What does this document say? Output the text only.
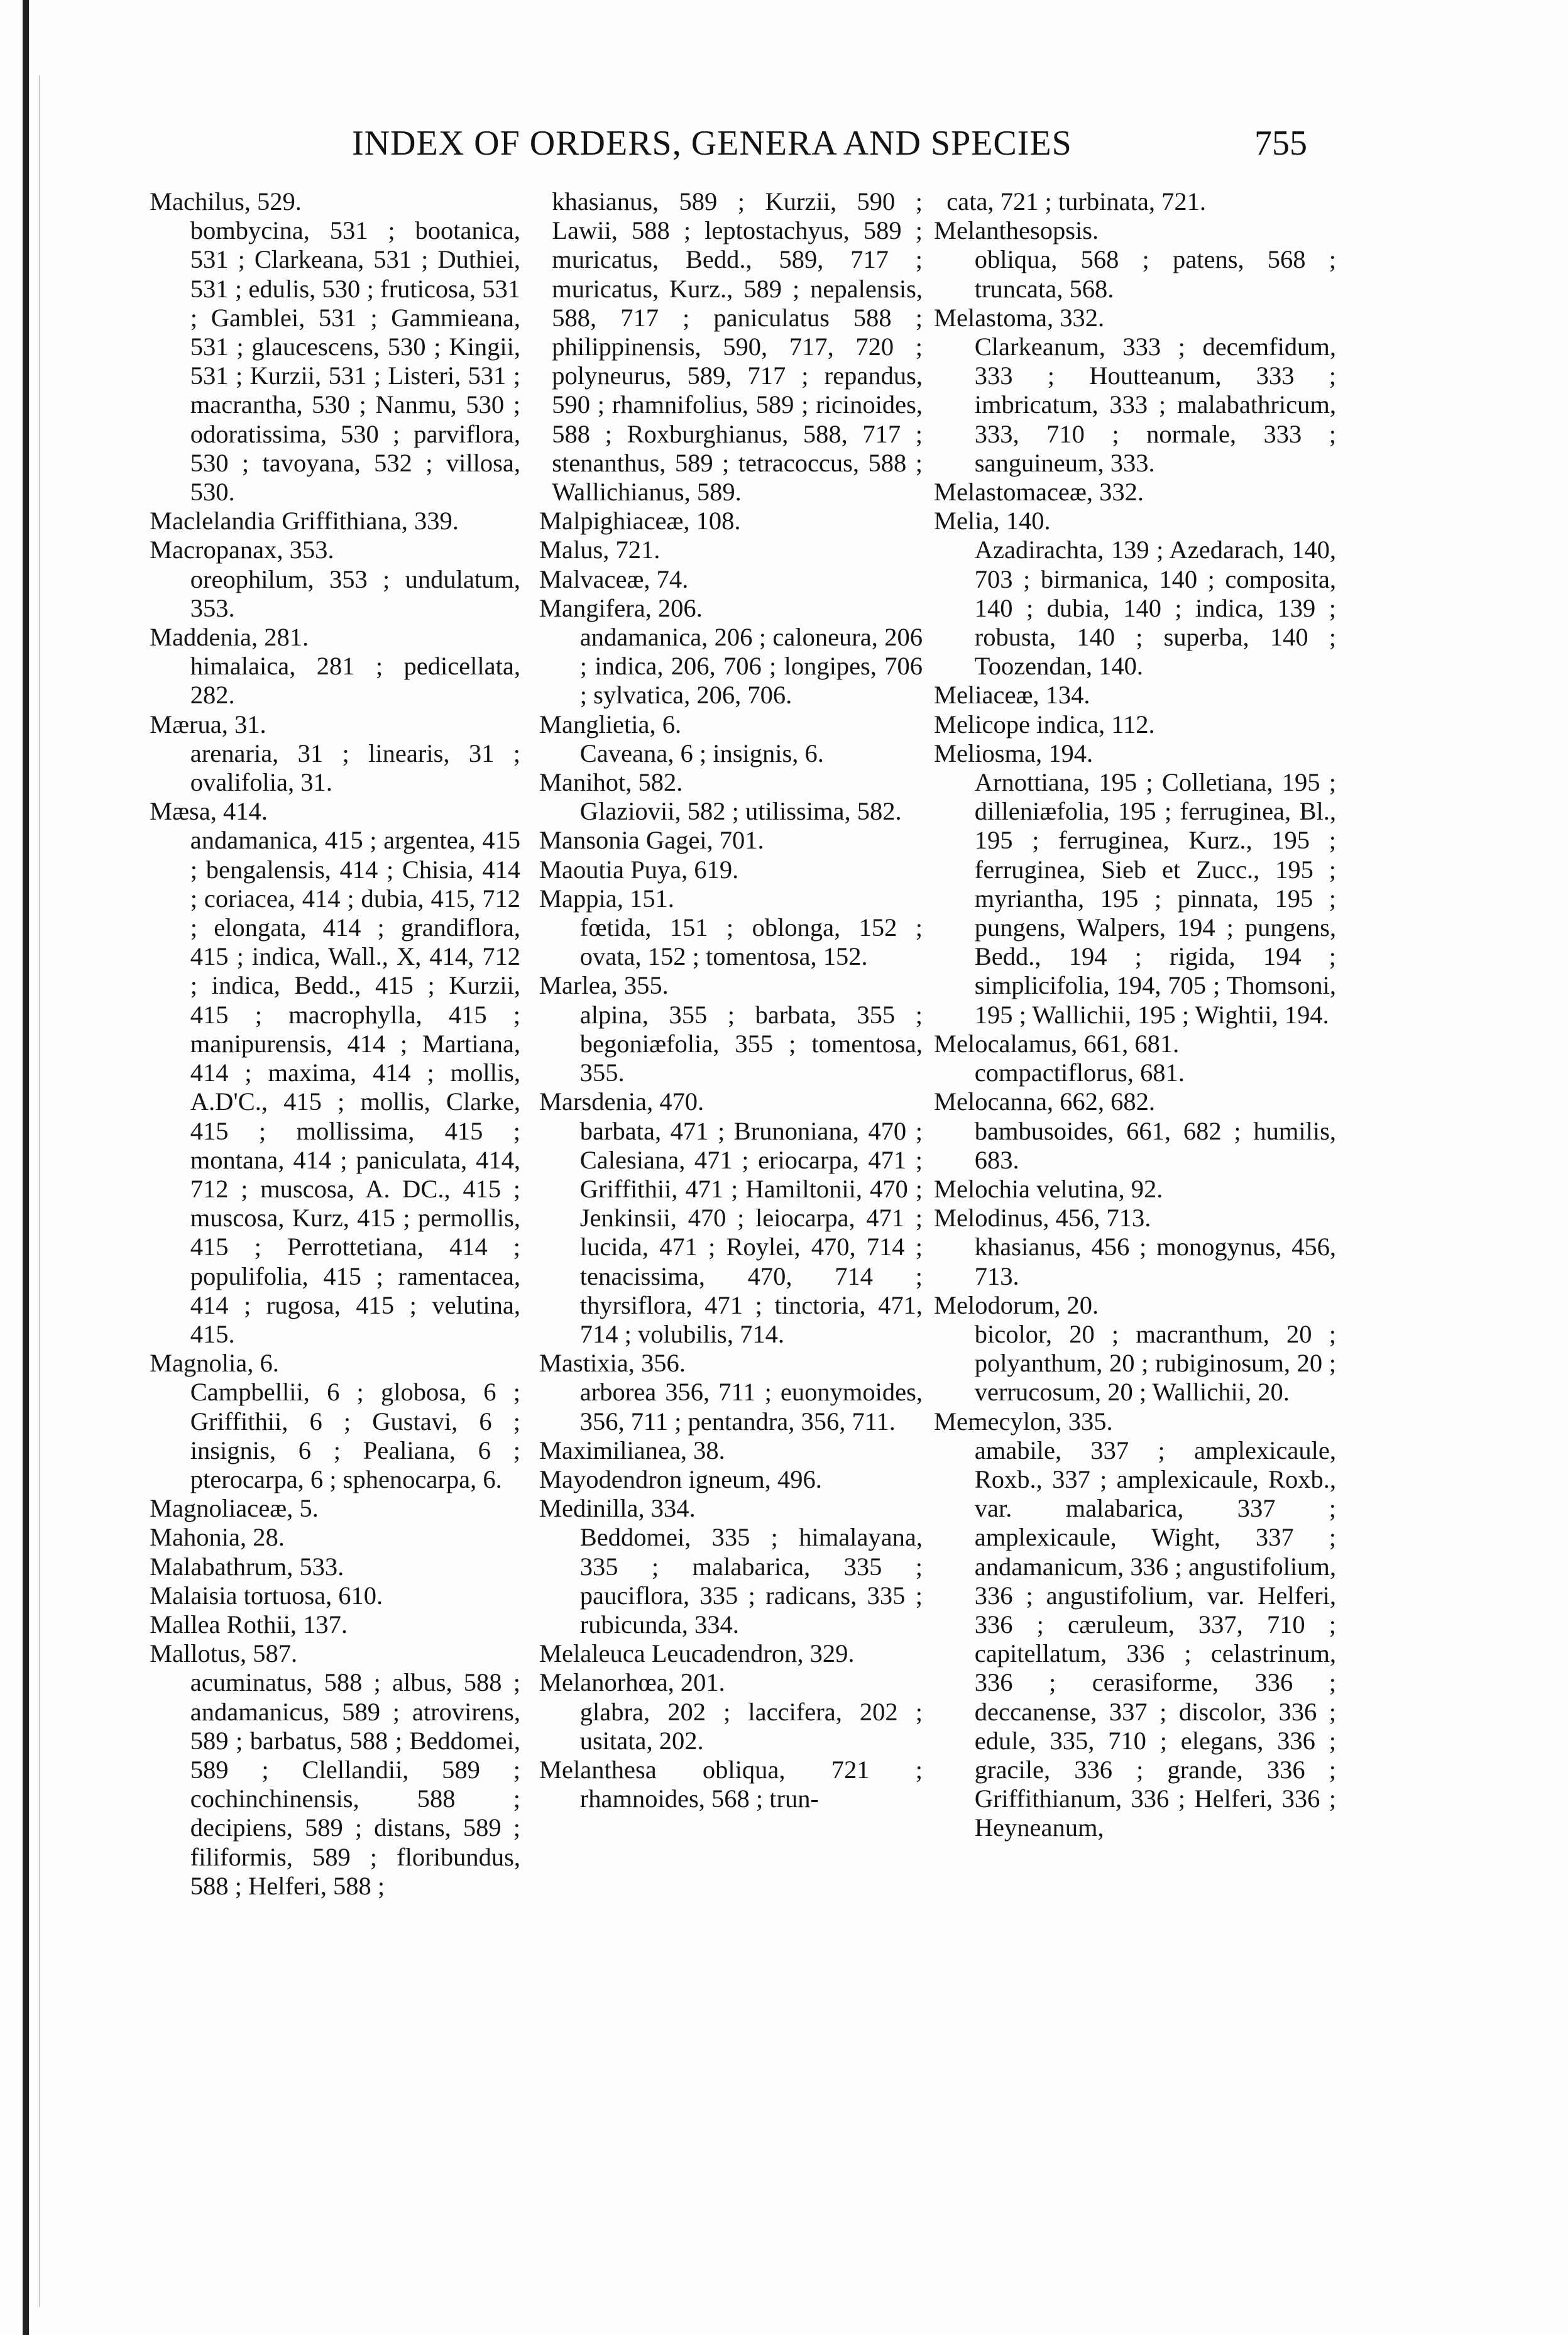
INDEX OF ORDERS, GENERA AND SPECIES	755
Machilus, 529.
bombycina, 531 ; bootanica, 531 ; Clarkeana, 531 ; Duthiei, 531 ; edulis, 530 ; fruticosa, 531 ; Gamblei, 531 ; Gammieana, 531 ; glaucescens, 530 ; Kingii, 531 ; Kurzii, 531 ; Listeri, 531 ; macrantha, 530 ; Nanmu, 530 ; odoratissima, 530 ; parviflora, 530 ; tavoyana, 532 ; villosa, 530.
Maclelandia Griffithiana, 339.
Macropanax, 353.
oreophilum, 353 ; undulatum, 353.
Maddenia, 281.
himalaica, 281 ; pedicellata, 282.
Mærua, 31.
arenaria, 31 ; linearis, 31 ; ovalifolia, 31.
Mæsa, 414.
andamanica, 415 ; argentea, 415 ; bengalensis, 414 ; Chisia, 414 ; coriacea, 414 ; dubia, 415, 712 ; elongata, 414 ; grandiflora, 415 ; indica, Wall., X, 414, 712 ; indica, Bedd., 415 ; Kurzii, 415 ; macrophylla, 415 ; manipurensis, 414 ; Martiana, 414 ; maxima, 414 ; mollis, A.D'C., 415 ; mollis, Clarke, 415 ; mollissima, 415 ; montana, 414 ; paniculata, 414, 712 ; muscosa, A. DC., 415 ; muscosa, Kurz, 415 ; permollis, 415 ; Perrottetiana, 414 ; populifolia, 415 ; ramentacea, 414 ; rugosa, 415 ; velutina, 415.
Magnolia, 6.
Campbellii, 6 ; globosa, 6 ; Griffithii, 6 ; Gustavi, 6 ; insignis, 6 ; Pealiana, 6 ; pterocarpa, 6 ; sphenocarpa, 6.
Magnoliaceæ, 5.
Mahonia, 28.
Malabathrum, 533.
Malaisia tortuosa, 610.
Mallea Rothii, 137.
Mallotus, 587.
acuminatus, 588 ; albus, 588 ; andamanicus, 589 ; atrovirens, 589 ; barbatus, 588 ; Beddomei, 589 ; Clellandii, 589 ; cochinchinensis, 588 ; decipiens, 589 ; distans, 589 ; filiformis, 589 ; floribundus, 588 ; Helferi, 588 ;
khasianus, 589 ; Kurzii, 590 ; Lawii, 588 ; leptostachyus, 589 ; muricatus, Bedd., 589, 717 ; muricatus, Kurz., 589 ; nepalensis, 588, 717 ; paniculatus 588 ; philippinensis, 590, 717, 720 ; polyneurus, 589, 717 ; repandus, 590 ; rhamnifolius, 589 ; ricinoides, 588 ; Roxburghianus, 588, 717 ; stenanthus, 589 ; tetracoccus, 588 ; Wallichianus, 589.
Malpighiaceæ, 108.
Malus, 721.
Malvaceæ, 74.
Mangifera, 206.
andamanica, 206 ; caloneura, 206 ; indica, 206, 706 ; longipes, 706 ; sylvatica, 206, 706.
Manglietia, 6.
Caveana, 6 ; insignis, 6.
Manihot, 582.
Glaziovii, 582 ; utilissima, 582.
Mansonia Gagei, 701.
Maoutia Puya, 619.
Mappia, 151.
fœtida, 151 ; oblonga, 152 ; ovata, 152 ; tomentosa, 152.
Marlea, 355.
alpina, 355 ; barbata, 355 ; begoniæfolia, 355 ; tomentosa, 355.
Marsdenia, 470.
barbata, 471 ; Brunoniana, 470 ; Calesiana, 471 ; eriocarpa, 471 ; Griffithii, 471 ; Hamiltonii, 470 ; Jenkinsii, 470 ; leiocarpa, 471 ; lucida, 471 ; Roylei, 470, 714 ; tenacissima, 470, 714 ; thyrsiflora, 471 ; tinctoria, 471, 714 ; volubilis, 714.
Mastixia, 356.
arborea 356, 711 ; euonymoides, 356, 711 ; pentandra, 356, 711.
Maximilianea, 38.
Mayodendron igneum, 496.
Medinilla, 334.
Beddomei, 335 ; himalayana, 335 ; malabarica, 335 ; pauciflora, 335 ; radicans, 335 ; rubicunda, 334.
Melaleuca Leucadendron, 329.
Melanorhœa, 201.
glabra, 202 ; laccifera, 202 ; usitata, 202.
Melanthesa obliqua, 721 ; rhamnoides, 568 ; trun-
cata, 721 ; turbinata, 721.
Melanthesopsis.
obliqua, 568 ; patens, 568 ; truncata, 568.
Melastoma, 332.
Clarkeanum, 333 ; decemfidum, 333 ; Houtteanum, 333 ; imbricatum, 333 ; malabathricum, 333, 710 ; normale, 333 ; sanguineum, 333.
Melastomaceæ, 332.
Melia, 140.
Azadirachta, 139 ; Azedarach, 140, 703 ; birmanica, 140 ; composita, 140 ; dubia, 140 ; indica, 139 ; robusta, 140 ; superba, 140 ; Toozendan, 140.
Meliaceæ, 134.
Melicope indica, 112.
Meliosma, 194.
Arnottiana, 195 ; Colletiana, 195 ; dilleniæfolia, 195 ; ferruginea, Bl., 195 ; ferruginea, Kurz., 195 ; ferruginea, Sieb et Zucc., 195 ; myriantha, 195 ; pinnata, 195 ; pungens, Walpers, 194 ; pungens, Bedd., 194 ; rigida, 194 ; simplicifolia, 194, 705 ; Thomsoni, 195 ; Wallichii, 195 ; Wightii, 194.
Melocalamus, 661, 681.
compactiflorus, 681.
Melocanna, 662, 682.
bambusoides, 661, 682 ; humilis, 683.
Melochia velutina, 92.
Melodinus, 456, 713.
khasianus, 456 ; monogynus, 456, 713.
Melodorum, 20.
bicolor, 20 ; macranthum, 20 ; polyanthum, 20 ; rubiginosum, 20 ; verrucosum, 20 ; Wallichii, 20.
Memecylon, 335.
amabile, 337 ; amplexicaule, Roxb., 337 ; amplexicaule, Roxb., var. malabarica, 337 ; amplexicaule, Wight, 337 ; andamanicum, 336 ; angustifolium, 336 ; angustifolium, var. Helferi, 336 ; cæruleum, 337, 710 ; capitellatum, 336 ; celastrinum, 336 ; cerasiforme, 336 ; deccanense, 337 ; discolor, 336 ; edule, 335, 710 ; elegans, 336 ; gracile, 336 ; grande, 336 ; Griffithianum, 336 ; Helferi, 336 ; Heyneanum,
